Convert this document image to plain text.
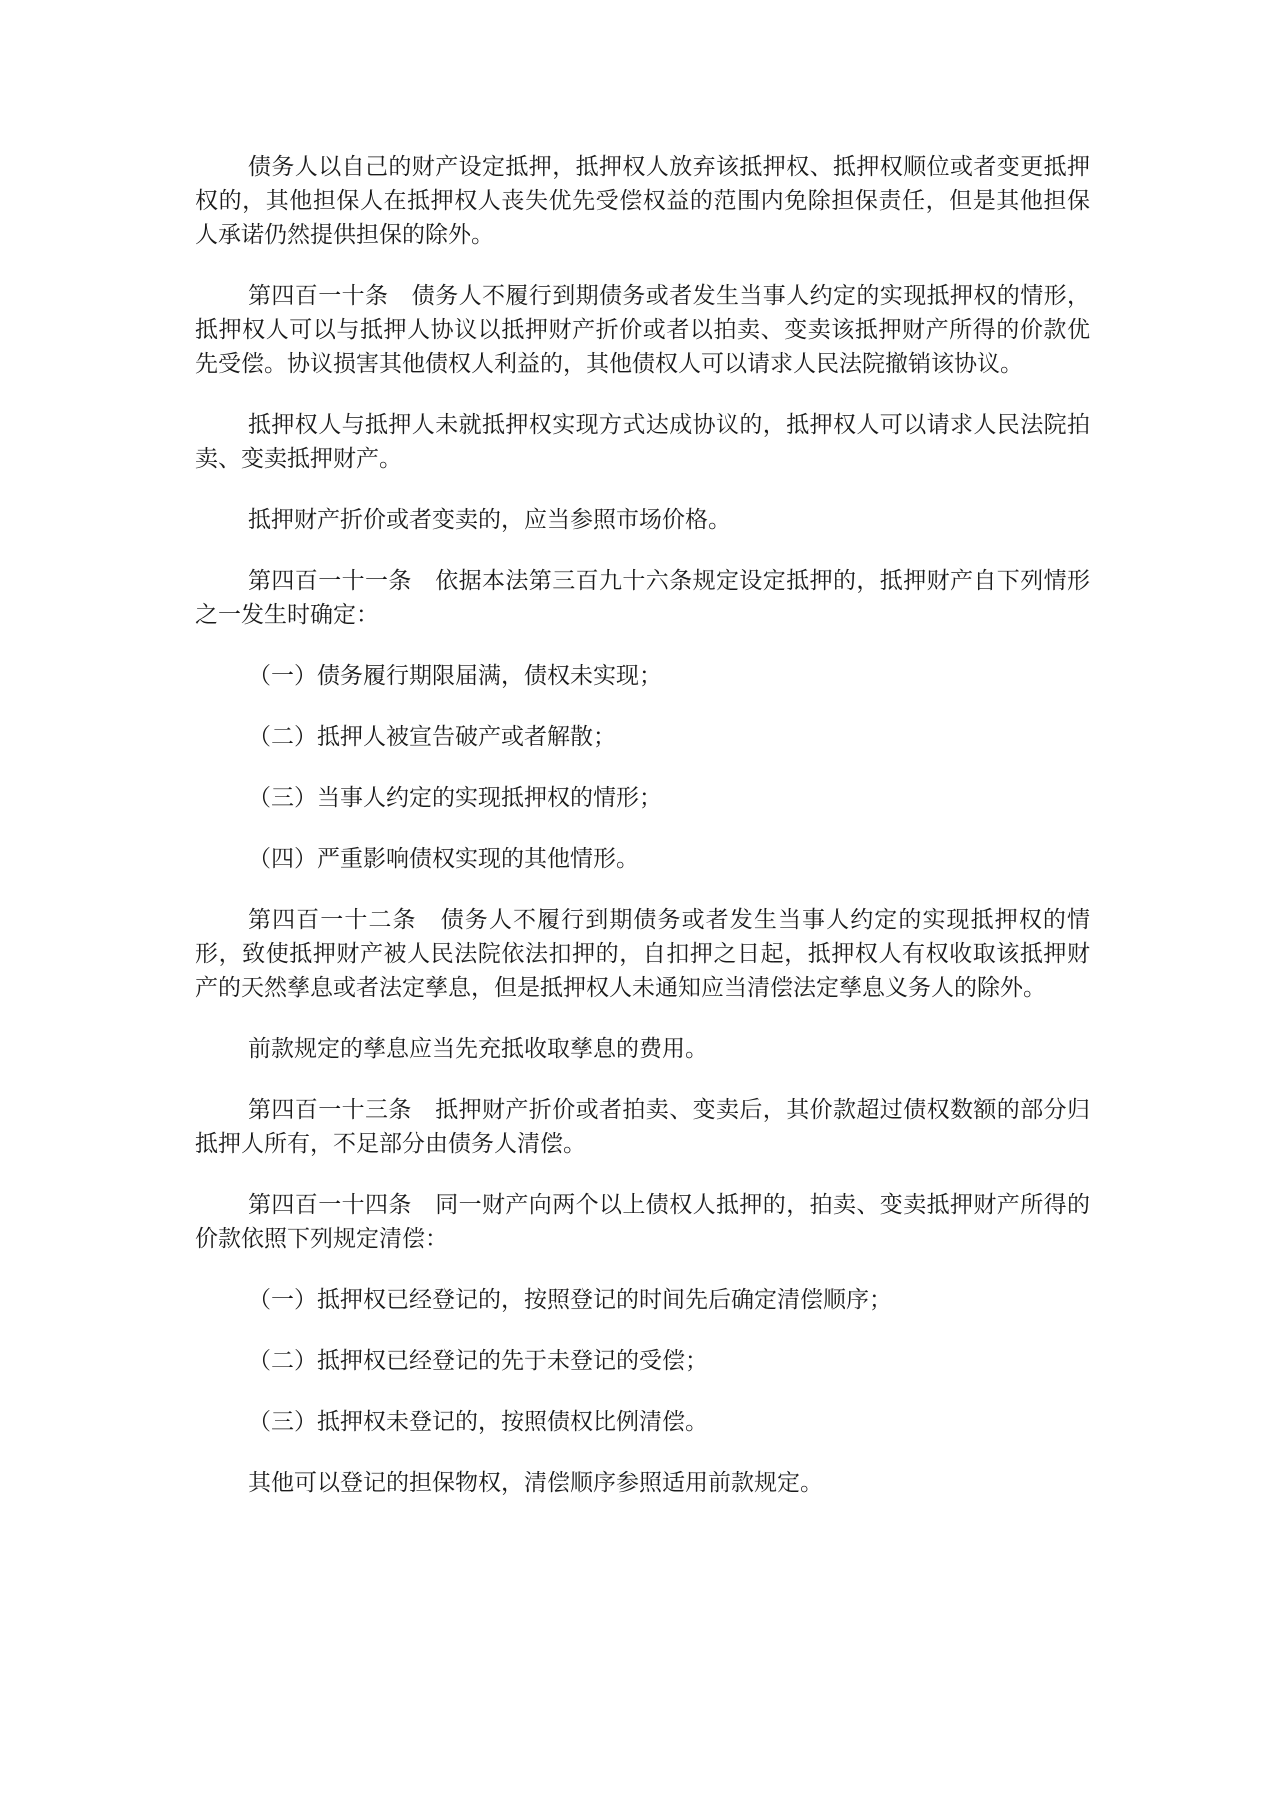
债务人以自己的财产设定抵押，抵押权人放弃该抵押权、抵押权顺位或者变更抵押权的，其他担保人在抵押权人丧失优先受偿权益的范围内免除担保责任，但是其他担保人承诺仍然提供担保的除外。

第四百一十条　债务人不履行到期债务或者发生当事人约定的实现抵押权的情形，抵押权人可以与抵押人协议以抵押财产折价或者以拍卖、变卖该抵押财产所得的价款优先受偿。协议损害其他债权人利益的，其他债权人可以请求人民法院撤销该协议。

抵押权人与抵押人未就抵押权实现方式达成协议的，抵押权人可以请求人民法院拍卖、变卖抵押财产。

抵押财产折价或者变卖的，应当参照市场价格。

第四百一十一条　依据本法第三百九十六条规定设定抵押的，抵押财产自下列情形之一发生时确定：

（一）债务履行期限届满，债权未实现；

（二）抵押人被宣告破产或者解散；

（三）当事人约定的实现抵押权的情形；

（四）严重影响债权实现的其他情形。

第四百一十二条　债务人不履行到期债务或者发生当事人约定的实现抵押权的情形，致使抵押财产被人民法院依法扣押的，自扣押之日起，抵押权人有权收取该抵押财产的天然孳息或者法定孳息，但是抵押权人未通知应当清偿法定孳息义务人的除外。

前款规定的孳息应当先充抵收取孳息的费用。

第四百一十三条　抵押财产折价或者拍卖、变卖后，其价款超过债权数额的部分归抵押人所有，不足部分由债务人清偿。

第四百一十四条　同一财产向两个以上债权人抵押的，拍卖、变卖抵押财产所得的价款依照下列规定清偿：

（一）抵押权已经登记的，按照登记的时间先后确定清偿顺序；

（二）抵押权已经登记的先于未登记的受偿；

（三）抵押权未登记的，按照债权比例清偿。

其他可以登记的担保物权，清偿顺序参照适用前款规定。
